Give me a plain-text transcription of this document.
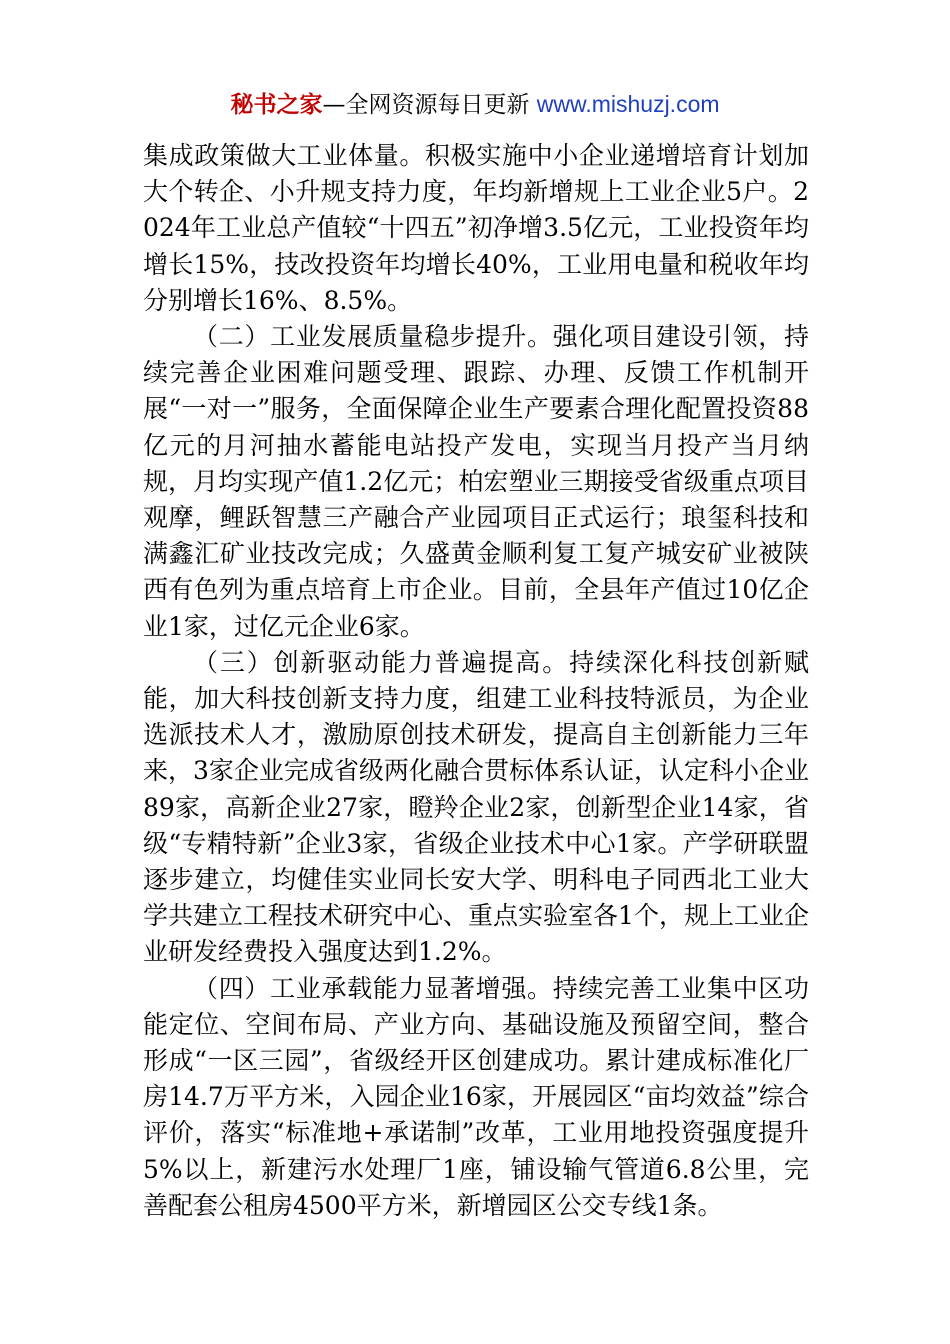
秘书之家—全网资源每日更新 www.mishuzj.com

集成政策做大工业体量。积极实施中小企业递增培育计划加大个转企、小升规支持力度，年均新增规上工业企业5户。2024年工业总产值较“十四五”初净增3.5亿元，工业投资年均增长15%，技改投资年均增长40%，工业用电量和税收年均分别增长16%、8.5%。

（二）工业发展质量稳步提升。强化项目建设引领，持续完善企业困难问题受理、跟踪、办理、反馈工作机制开展“一对一”服务，全面保障企业生产要素合理化配置投资88亿元的月河抽水蓄能电站投产发电，实现当月投产当月纳规，月均实现产值1.2亿元；柏宏塑业三期接受省级重点项目观摩，鲤跃智慧三产融合产业园项目正式运行；琅玺科技和满鑫汇矿业技改完成；久盛黄金顺利复工复产城安矿业被陕西有色列为重点培育上市企业。目前，全县年产值过10亿企业1家，过亿元企业6家。

（三）创新驱动能力普遍提高。持续深化科技创新赋能，加大科技创新支持力度，组建工业科技特派员，为企业选派技术人才，激励原创技术研发，提高自主创新能力三年来，3家企业完成省级两化融合贯标体系认证，认定科小企业89家，高新企业27家，瞪羚企业2家，创新型企业14家，省级“专精特新”企业3家，省级企业技术中心1家。产学研联盟逐步建立，均健佳实业同长安大学、明科电子同西北工业大学共建立工程技术研究中心、重点实验室各1个，规上工业企业研发经费投入强度达到1.2%。

（四）工业承载能力显著增强。持续完善工业集中区功能定位、空间布局、产业方向、基础设施及预留空间，整合形成“一区三园”，省级经开区创建成功。累计建成标准化厂房14.7万平方米，入园企业16家，开展园区“亩均效益”综合评价，落实“标准地+承诺制”改革，工业用地投资强度提升5%以上，新建污水处理厂1座，铺设输气管道6.8公里，完善配套公租房4500平方米，新增园区公交专线1条。
